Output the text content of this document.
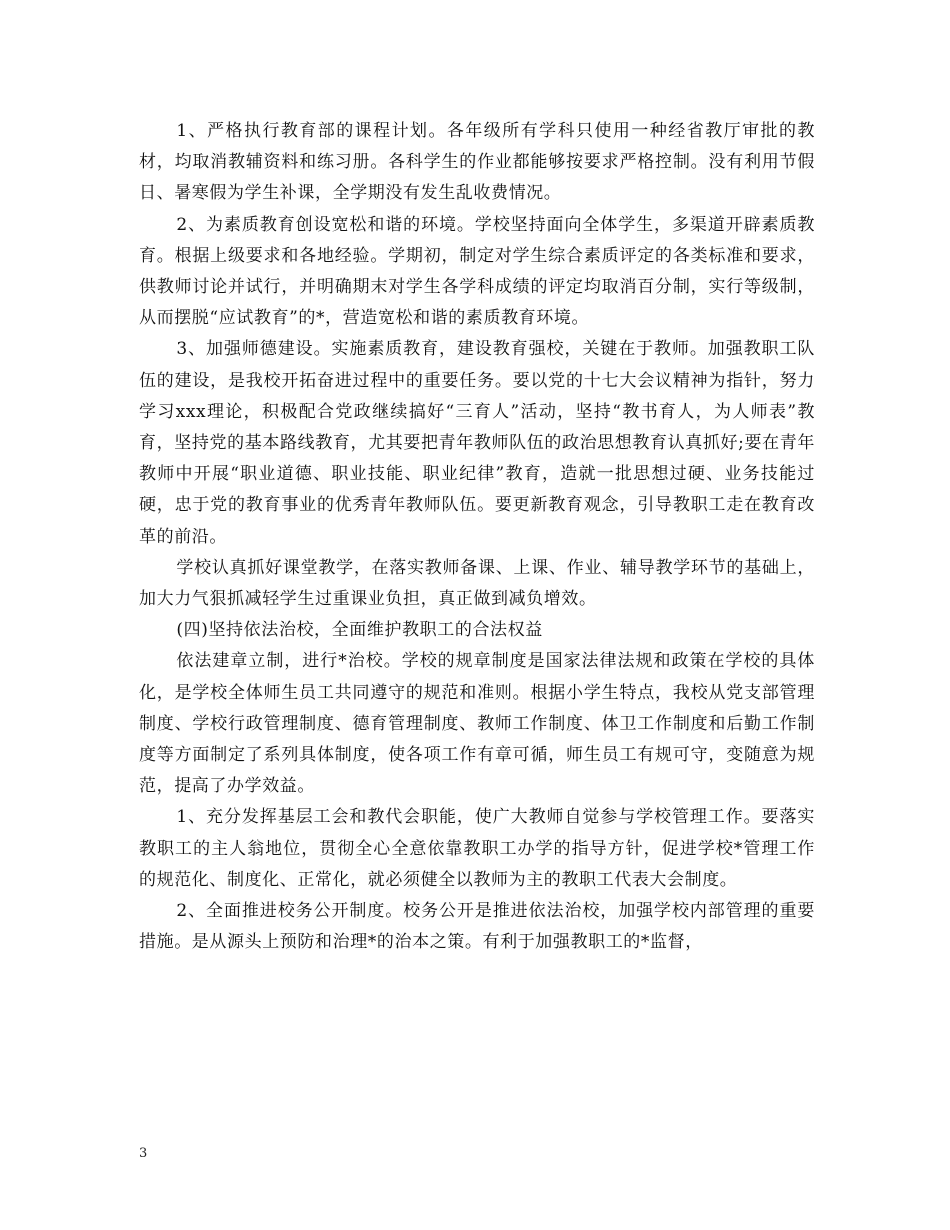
1、严格执行教育部的课程计划。各年级所有学科只使用一种经省教厅审批的教材，均取消教辅资料和练习册。各科学生的作业都能够按要求严格控制。没有利用节假日、暑寒假为学生补课，全学期没有发生乱收费情况。

2、为素质教育创设宽松和谐的环境。学校坚持面向全体学生，多渠道开辟素质教育。根据上级要求和各地经验。学期初，制定对学生综合素质评定的各类标准和要求，供教师讨论并试行，并明确期末对学生各学科成绩的评定均取消百分制，实行等级制，从而摆脱“应试教育”的*，营造宽松和谐的素质教育环境。

3、加强师德建设。实施素质教育，建设教育强校，关键在于教师。加强教职工队伍的建设，是我校开拓奋进过程中的重要任务。要以党的十七大会议精神为指针，努力学习xxx理论，积极配合党政继续搞好“三育人”活动，坚持“教书育人，为人师表”教育，坚持党的基本路线教育，尤其要把青年教师队伍的政治思想教育认真抓好;要在青年教师中开展“职业道德、职业技能、职业纪律”教育，造就一批思想过硬、业务技能过硬，忠于党的教育事业的优秀青年教师队伍。要更新教育观念，引导教职工走在教育改革的前沿。

学校认真抓好课堂教学，在落实教师备课、上课、作业、辅导教学环节的基础上，加大力气狠抓减轻学生过重课业负担，真正做到减负增效。

(四)坚持依法治校，全面维护教职工的合法权益

依法建章立制，进行*治校。学校的规章制度是国家法律法规和政策在学校的具体化，是学校全体师生员工共同遵守的规范和准则。根据小学生特点，我校从党支部管理制度、学校行政管理制度、德育管理制度、教师工作制度、体卫工作制度和后勤工作制度等方面制定了系列具体制度，使各项工作有章可循，师生员工有规可守，变随意为规范，提高了办学效益。

1、充分发挥基层工会和教代会职能，使广大教师自觉参与学校管理工作。要落实教职工的主人翁地位，贯彻全心全意依靠教职工办学的指导方针，促进学校*管理工作的规范化、制度化、正常化，就必须健全以教师为主的教职工代表大会制度。

2、全面推进校务公开制度。校务公开是推进依法治校，加强学校内部管理的重要措施。是从源头上预防和治理*的治本之策。有利于加强教职工的*监督，

3
